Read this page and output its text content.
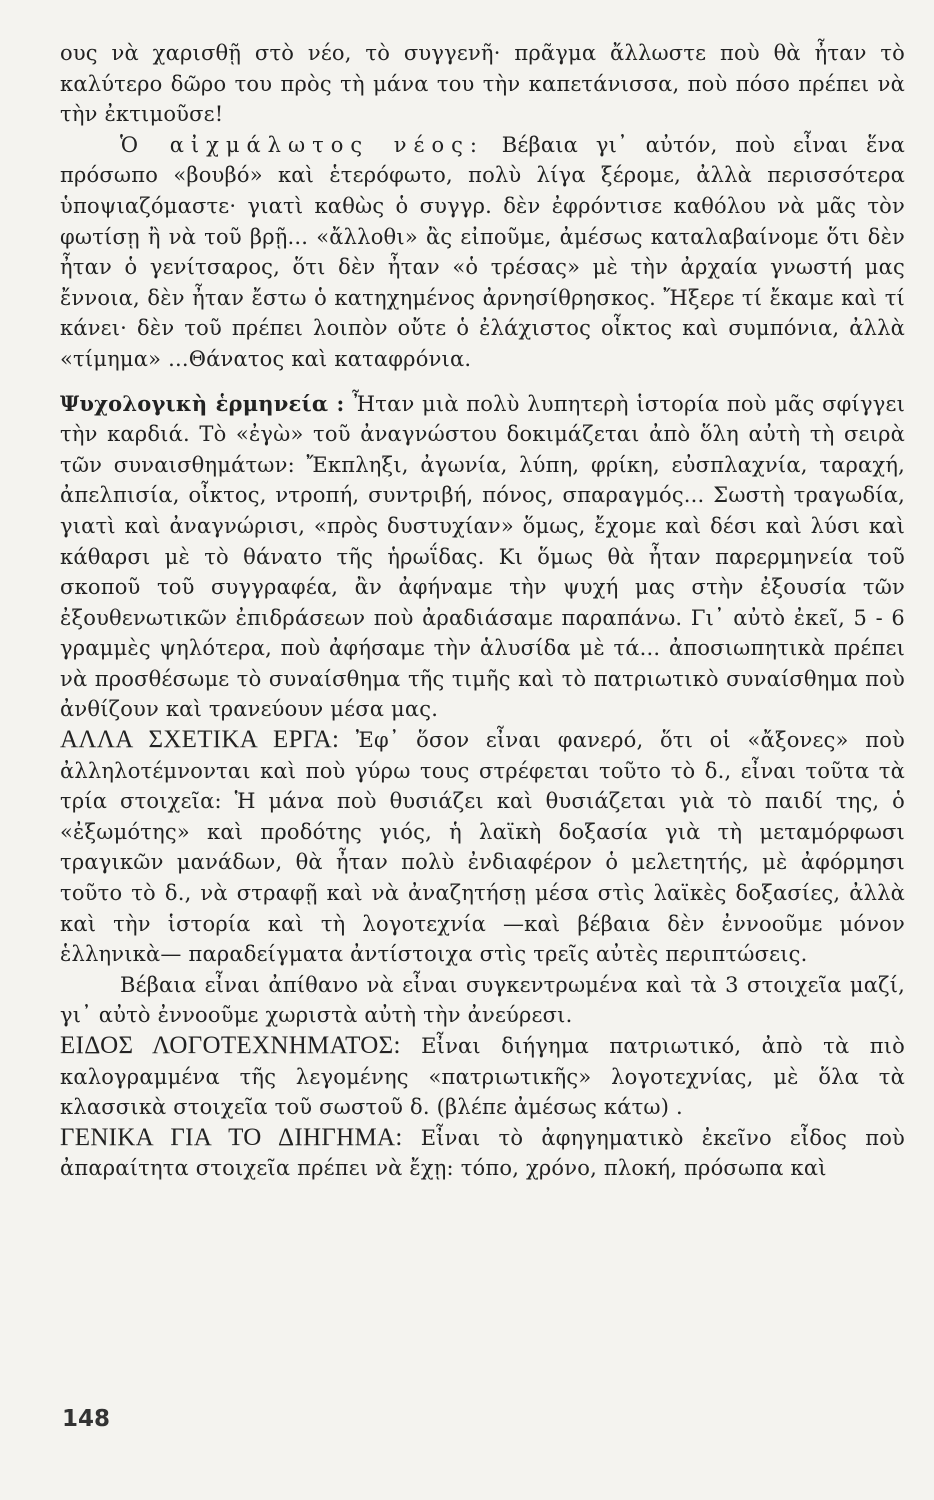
ους νὰ χαρισθῇ στὸ νέο, τὸ συγγενῆ· πρᾶγμα ἄλλωστε ποὺ θὰ ἦταν τὸ καλύτερο δῶρο του πρὸς τὴ μάνα του τὴν καπετάνισσα, ποὺ πόσο πρέπει νὰ τὴν ἐκτιμοῦσε!

Ὁ αἰχμάλωτος νέος: Βέβαια γι᾽ αὐτόν, ποὺ εἶναι ἕνα πρόσωπο «βουβό» καὶ ἑτερόφωτο, πολὺ λίγα ξέρομε, ἀλλὰ περισσότερα ὑποψιαζόμαστε· γιατὶ καθὼς ὁ συγγρ. δὲν ἐφρόντισε καθόλου νὰ μᾶς τὸν φωτίσῃ ἢ νὰ τοῦ βρῇ... «ἄλλοθι» ἂς εἰποῦμε, ἀμέσως καταλαβαίνομε ὅτι δὲν ἦταν ὁ γενίτσαρος, ὅτι δὲν ἦταν «ὁ τρέσας» μὲ τὴν ἀρχαία γνωστή μας ἔννοια, δὲν ἦταν ἔστω ὁ κατηχημένος ἀρνησίθρησκος. Ἤξερε τί ἔκαμε καὶ τί κάνει· δὲν τοῦ πρέπει λοιπὸν οὔτε ὁ ἐλάχιστος οἶκτος καὶ συμπόνια, ἀλλὰ «τίμημα» ...Θάνατος καὶ καταφρόνια.

Ψυχολογικὴ ἑρμηνεία : Ἦταν μιὰ πολὺ λυπητερὴ ἱστορία ποὺ μᾶς σφίγγει τὴν καρδιά. Τὸ «ἐγὼ» τοῦ ἀναγνώστου δοκιμάζεται ἀπὸ ὅλη αὐτὴ τὴ σειρὰ τῶν συναισθημάτων: Ἔκπληξι, ἀγωνία, λύπη, φρίκη, εὐσπλαχνία, ταραχή, ἀπελπισία, οἶκτος, ντροπή, συντριβή, πόνος, σπαραγμός... Σωστὴ τραγωδία, γιατὶ καὶ ἀναγνώρισι, «πρὸς δυστυχίαν» ὅμως, ἔχομε καὶ δέσι καὶ λύσι καὶ κάθαρσι μὲ τὸ θάνατο τῆς ἡρωΐδας. Κι ὅμως θὰ ἦταν παρερμηνεία τοῦ σκοποῦ τοῦ συγγραφέα, ἂν ἀφήναμε τὴν ψυχή μας στὴν ἐξουσία τῶν ἐξουθενωτικῶν ἐπιδράσεων ποὺ ἀραδιάσαμε παραπάνω. Γι᾽ αὐτὸ ἐκεῖ, 5 - 6 γραμμὲς ψηλότερα, ποὺ ἀφήσαμε τὴν ἁλυσίδα μὲ τά... ἀποσιωπητικὰ πρέπει νὰ προσθέσωμε τὸ συναίσθημα τῆς τιμῆς καὶ τὸ πατριωτικὸ συναίσθημα ποὺ ἀνθίζουν καὶ τρανεύουν μέσα μας.

ΑΛΛΑ ΣΧΕΤΙΚΑ ΕΡΓΑ: Ἐφ᾽ ὅσον εἶναι φανερό, ὅτι οἱ «ἄξονες» ποὺ ἀλληλοτέμνονται καὶ ποὺ γύρω τους στρέφεται τοῦτο τὸ δ., εἶναι τοῦτα τὰ τρία στοιχεῖα: Ἡ μάνα ποὺ θυσιάζει καὶ θυσιάζεται γιὰ τὸ παιδί της, ὁ «ἐξωμότης» καὶ προδότης γιός, ἡ λαϊκὴ δοξασία γιὰ τὴ μεταμόρφωσι τραγικῶν μανάδων, θὰ ἦταν πολὺ ἐνδιαφέρον ὁ μελετητής, μὲ ἀφόρμησι τοῦτο τὸ δ., νὰ στραφῇ καὶ νὰ ἀναζητήσῃ μέσα στὶς λαϊκὲς δοξασίες, ἀλλὰ καὶ τὴν ἱστορία καὶ τὴ λογοτεχνία —καὶ βέβαια δὲν ἐννοοῦμε μόνον ἑλληνικὰ— παραδείγματα ἀντίστοιχα στὶς τρεῖς αὐτὲς περιπτώσεις.

Βέβαια εἶναι ἀπίθανο νὰ εἶναι συγκεντρωμένα καὶ τὰ 3 στοιχεῖα μαζί, γι᾽ αὐτὸ ἐννοοῦμε χωριστὰ αὐτὴ τὴν ἀνεύρεσι.

ΕΙΔΟΣ ΛΟΓΟΤΕΧΝΗΜΑΤΟΣ: Εἶναι διήγημα πατριωτικό, ἀπὸ τὰ πιὸ καλογραμμένα τῆς λεγομένης «πατριωτικῆς» λογοτεχνίας, μὲ ὅλα τὰ κλασσικὰ στοιχεῖα τοῦ σωστοῦ δ. (βλέπε ἀμέσως κάτω) .

ΓΕΝΙΚΑ ΓΙΑ ΤΟ ΔΙΗΓΗΜΑ: Εἶναι τὸ ἀφηγηματικὸ ἐκεῖνο εἶδος ποὺ ἀπαραίτητα στοιχεῖα πρέπει νὰ ἔχῃ: τόπο, χρόνο, πλοκή, πρόσωπα καὶ

148
